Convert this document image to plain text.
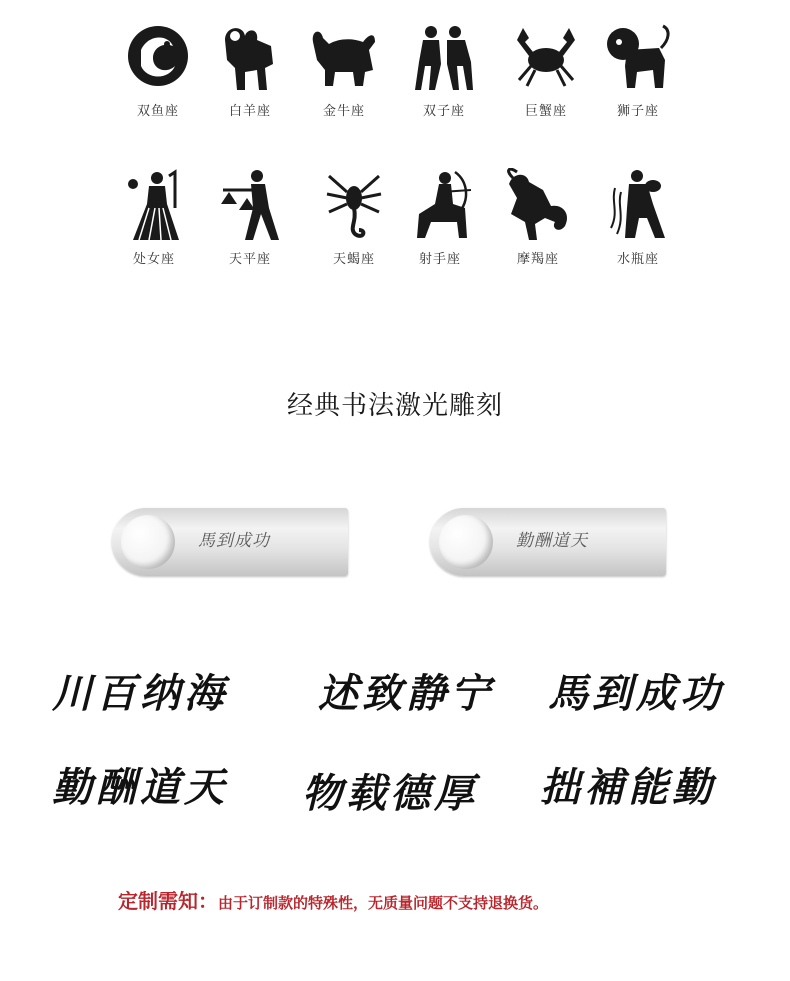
双鱼座	白羊座	金牛座	双子座	巨蟹座	狮子座
处女座	天平座	天蝎座	射手座	摩羯座	水瓶座
经典书法激光雕刻
馬到成功	勤酬道天
川百纳海 述致静宁 馬到成功
勤酬道天 物载德厚 拙補能勤
定制需知：由于订制款的特殊性，无质量问题不支持退换货。
